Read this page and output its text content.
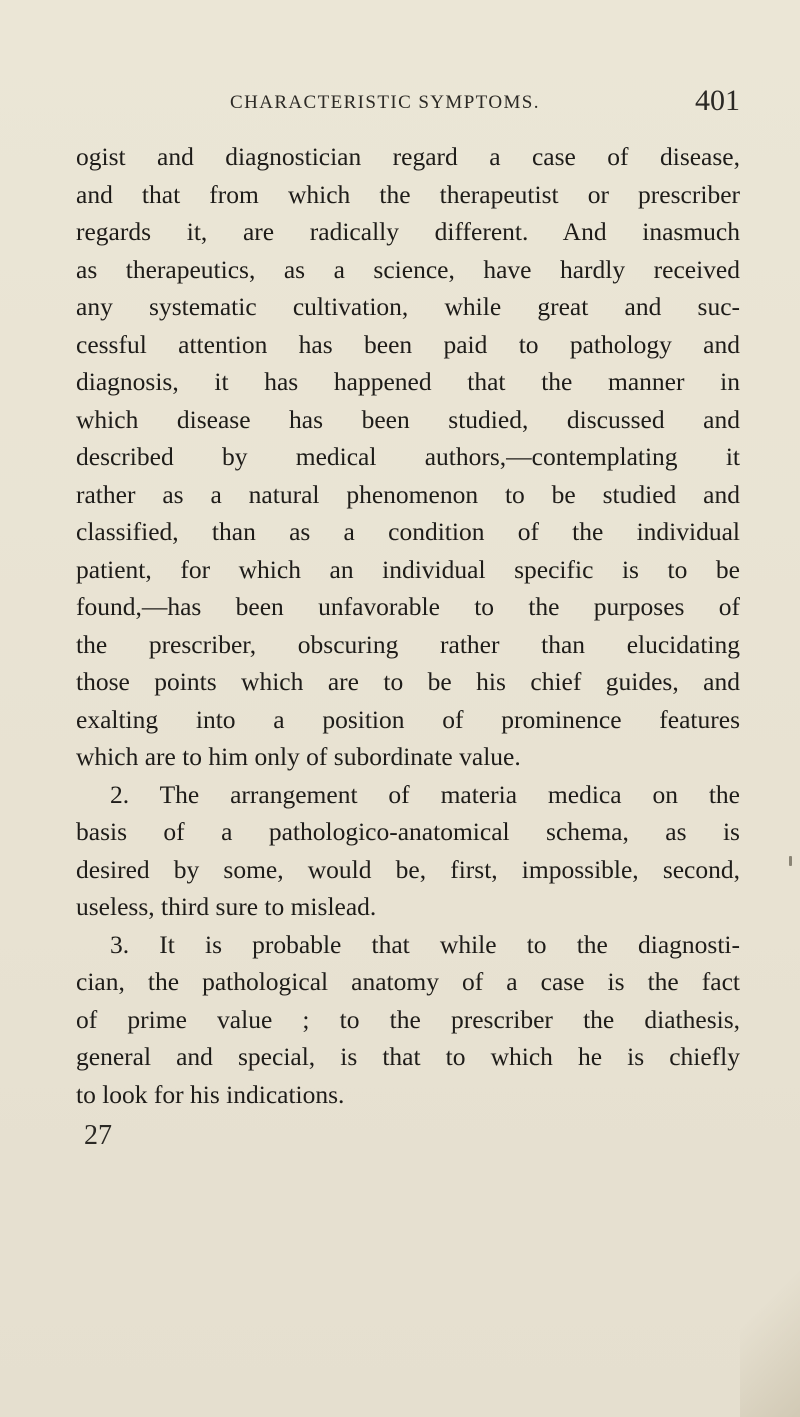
CHARACTERISTIC SYMPTOMS.	401
ogist and diagnostician regard a case of disease,
and that from which the therapeutist or prescriber
regards it, are radically different. And inasmuch
as therapeutics, as a science, have hardly received
any systematic cultivation, while great and suc-
cessful attention has been paid to pathology and
diagnosis, it has happened that the manner in
which disease has been studied, discussed and
described by medical authors,—contemplating it
rather as a natural phenomenon to be studied and
classified, than as a condition of the individual
patient, for which an individual specific is to be
found,—has been unfavorable to the purposes of
the prescriber, obscuring rather than elucidating
those points which are to be his chief guides, and
exalting into a position of prominence features
which are to him only of subordinate value.
2. The arrangement of materia medica on the
basis of a pathologico-anatomical schema, as is
desired by some, would be, first, impossible, second,
useless, third sure to mislead.
3. It is probable that while to the diagnosti-
cian, the pathological anatomy of a case is the fact
of prime value ; to the prescriber the diathesis,
general and special, is that to which he is chiefly
to look for his indications.
27
